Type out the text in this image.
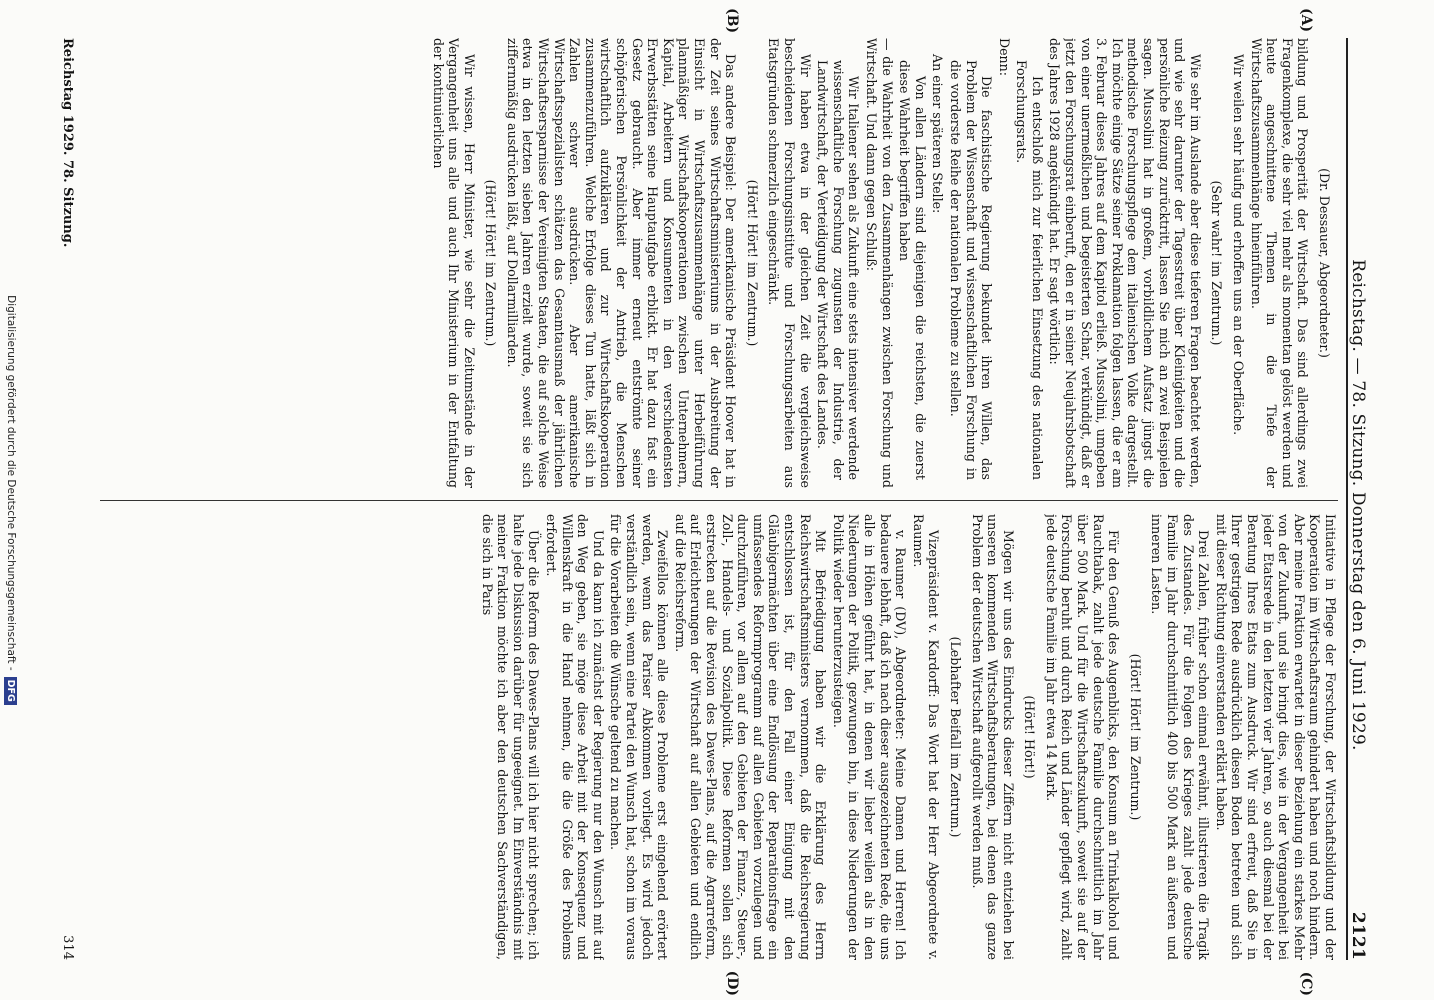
Reichstag. — 78. Sitzung. Donnerstag den 6. Juni 1929.
2121
(A)
(B)
(C)
(D)

(Dr. Dessauer, Abgeordneter.)

bildung und Prosperität der Wirtschaft. Das sind allerdings zwei Fragenkomplexe, die sehr viel mehr als momentan gelöst werden und heute angeschnittene Themen in die Tiefe der Wirtschaftszusammenhänge hineinführen.

Wir weilen sehr häufig und erhoffen uns an der Oberfläche.

(Sehr wahr! im Zentrum.)

Wie sehr im Auslande aber diese tieferen Fragen beachtet werden, und wie sehr darunter der Tagesstreit über Kleinigkeiten und die persönliche Reizung zurücktritt, lassen Sie mich an zwei Beispielen sagen. Mussolini hat in großem, vorbildlichem Aufsatz jüngst die methodische Forschungspflege dem italienischen Volke dargestellt. Ich möchte einige Sätze seiner Proklamation folgen lassen, die er am 3. Februar dieses Jahres auf dem Kapitol erließ. Mussolini, umgeben von einer unermeßlichen und begeisterten Schar, verkündigt, daß er jetzt den Forschungsrat einberuft, den er in seiner Neujahrsbotschaft des Jahres 1928 angekündigt hat. Er sagt wörtlich:

Ich entschloß mich zur feierlichen Einsetzung des nationalen Forschungsrats.

Denn:

Die faschistische Regierung bekundet ihren Willen, das Problem der Wissenschaft und wissenschaftlichen Forschung in die vorderste Reihe der nationalen Probleme zu stellen.

An einer späteren Stelle:

Von allen Ländern sind diejenigen die reichsten, die zuerst diese Wahrheit begriffen haben

— die Wahrheit von den Zusammenhängen zwischen Forschung und Wirtschaft. Und dann gegen Schluß:

Wir Italiener sehen als Zukunft eine stets intensiver werdende wissenschaftliche Forschung zugunsten der Industrie, der Landwirtschaft, der Verteidigung der Wirtschaft des Landes.

Wir haben etwa in der gleichen Zeit die vergleichsweise bescheidenen Forschungsinstitute und Forschungsarbeiten aus Etatsgründen schmerzlich eingeschränkt.

(Hört! Hört! im Zentrum.)

Das andere Beispiel: Der amerikanische Präsident Hoover hat in der Zeit seines Wirtschaftsministeriums in der Ausbreitung der Einsicht in Wirtschaftszusammenhänge unter Herbeiführung planmäßiger Wirtschaftskooperationen zwischen Unternehmern, Kapital, Arbeitern und Konsumenten in den verschiedensten Erwerbsstätten seine Hauptaufgabe erblickt. Er hat dazu fast ein Gesetz gebraucht. Aber immer erneut entströmte seiner schöpferischen Persönlichkeit der Antrieb, die Menschen wirtschaftlich aufzuklären und zur Wirtschaftskooperation zusammenzuführen. Welche Erfolge dieses Tun hatte, läßt sich in Zahlen schwer ausdrücken. Aber amerikanische Wirtschaftsspezialisten schätzen das Gesamtausmaß der jährlichen Wirtschaftsersparnisse der Vereinigten Staaten, die auf solche Weise etwa in den letzten sieben Jahren erzielt wurde, soweit sie sich ziffernmäßig ausdrücken läßt, auf Dollarmilliarden.

(Hört! Hört! im Zentrum.)

Wir wissen, Herr Minister, wie sehr die Zeitumstände in der Vergangenheit uns alle und auch Ihr Ministerium in der Entfaltung der kontinuierlichen

Initiative in Pflege der Forschung, der Wirtschaftsbildung und der Kooperation im Wirtschaftsraum gehindert haben und noch hindern. Aber meine Fraktion erwartet in dieser Beziehung ein starkes Mehr von der Zukunft, und sie bringt dies, wie in der Vergangenheit bei jeder Etatsrede in den letzten vier Jahren, so auch diesmal bei der Beratung Ihres Etats zum Ausdruck. Wir sind erfreut, daß Sie in Ihrer gestrigen Rede ausdrücklich diesen Boden betreten und sich mit dieser Richtung einverstanden erklärt haben.

Drei Zahlen, früher schon einmal erwähnt, illustrieren die Tragik des Zustandes. Für die Folgen des Krieges zahlt jede deutsche Familie im Jahr durchschnittlich 400 bis 500 Mark an äußeren und inneren Lasten.

(Hört! Hört! im Zentrum.)

Für den Genuß des Augenblicks, den Konsum an Trinkalkohol und Rauchtabak, zahlt jede deutsche Familie durchschnittlich im Jahr über 500 Mark. Und für die Wirtschaftszukunft, soweit sie auf der Forschung beruht und durch Reich und Länder gepflegt wird, zahlt jede deutsche Familie im Jahr etwa 14 Mark.

(Hört! Hört!)

Mögen wir uns des Eindrucks dieser Ziffern nicht entziehen bei unseren kommenden Wirtschaftsberatungen, bei denen das ganze Problem der deutschen Wirtschaft aufgerollt werden muß.

(Lebhafter Beifall im Zentrum.)

Vizepräsident v. Kardorff: Das Wort hat der Herr Abgeordnete v. Raumer.

v. Raumer (DV), Abgeordneter: Meine Damen und Herren! Ich bedauere lebhaft, daß ich nach dieser ausgezeichneten Rede, die uns alle in Höhen geführt hat, in denen wir lieber weilen als in den Niederungen der Politik, gezwungen bin, in diese Niederungen der Politik wieder herunterzusteigen.

Mit Befriedigung haben wir die Erklärung des Herrn Reichswirtschaftsministers vernommen, daß die Reichsregierung entschlossen ist, für den Fall einer Einigung mit den Gläubigermächten über eine Endlösung der Reparationsfrage ein umfassendes Reformprogramm auf allen Gebieten vorzulegen und durchzuführen, vor allem auf den Gebieten der Finanz-, Steuer-, Zoll-, Handels- und Sozialpolitik. Diese Reformen sollen sich erstrecken auf die Revision des Dawes-Plans, auf die Agrarreform, auf Erleichterungen der Wirtschaft auf allen Gebieten und endlich auf die Reichsreform.

Zweifellos können alle diese Probleme erst eingehend erörtert werden, wenn das Pariser Abkommen vorliegt. Es wird jedoch verständlich sein, wenn eine Partei den Wunsch hat, schon im voraus für die Vorarbeiten die Wünsche geltend zu machen.

Und da kann ich zunächst der Regierung nur den Wunsch mit auf den Weg geben, sie möge diese Arbeit mit der Konsequenz und Willenskraft in die Hand nehmen, die die Größe des Problems erfordert.

Über die Reform des Dawes-Plans will ich hier nicht sprechen; ich halte jede Diskussion darüber für ungeeignet. Im Einverständnis mit meiner Fraktion möchte ich aber den deutschen Sachverständigen, die sich in Paris

Reichstag 1929. 78. Sitzung.
314
Digitalisierung gefördert durch die Deutsche Forschungsgemeinschaft -
DFG
